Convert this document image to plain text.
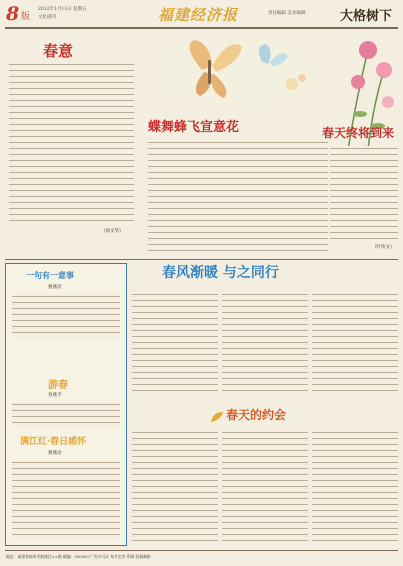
8 版
2012年1月13日 星期五
文化副刊	福建经济报	责任编辑 美术编辑	大格树下
春意
（徐文华）
蝶舞蜂飞宣意花	春天终将到来
（叶欣文）
一句有一意事
燕燕语
游春
春燕平
满江红·春日感怀
燕燕语
春风渐暖 与之同行
春天的约会
地址：福建省福州市鼓楼区××路 邮编：350003 广告许可证 每月定价 印刷 投稿邮箱
